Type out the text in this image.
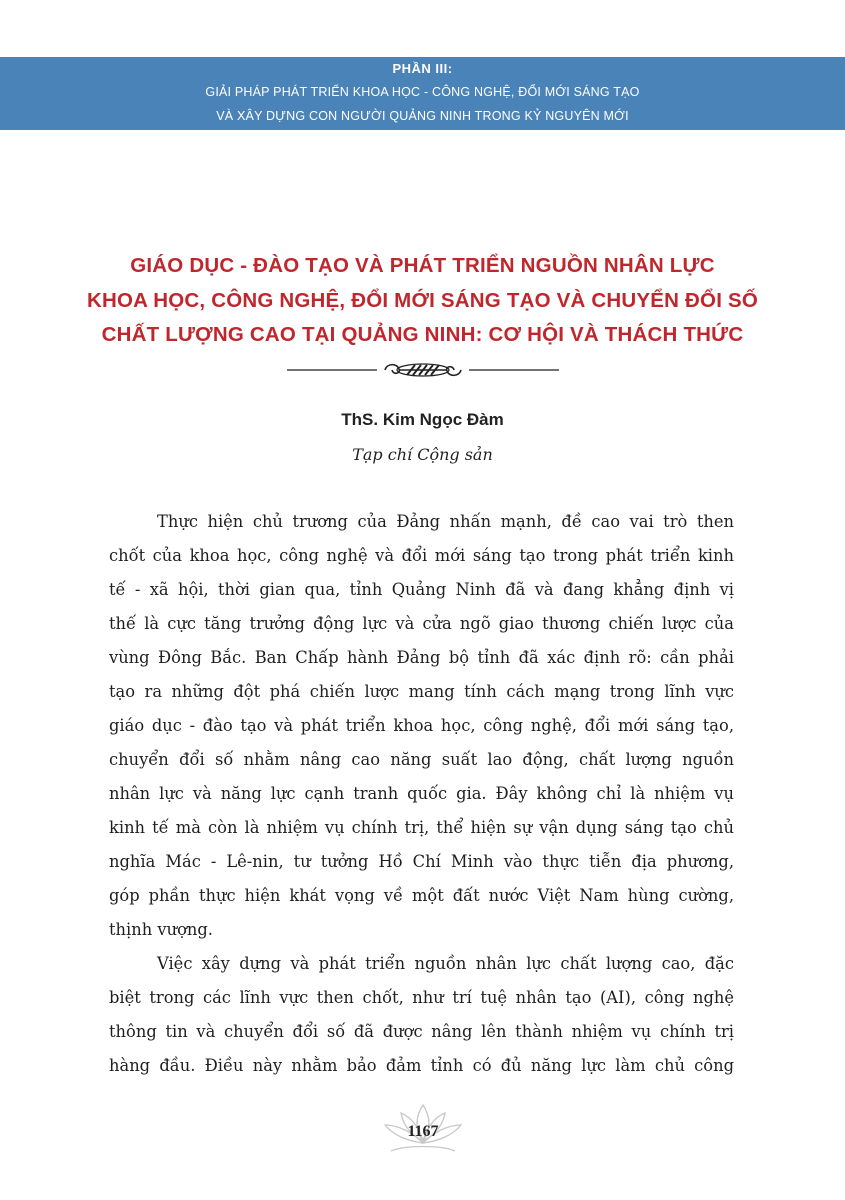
PHẦN III:
GIẢI PHÁP PHÁT TRIỂN KHOA HỌC - CÔNG NGHỆ, ĐỔI MỚI SÁNG TẠO
VÀ XÂY DỰNG CON NGƯỜI QUẢNG NINH TRONG KỶ NGUYÊN MỚI
GIÁO DỤC - ĐÀO TẠO VÀ PHÁT TRIỂN NGUỒN NHÂN LỰC
KHOA HỌC, CÔNG NGHỆ, ĐỔI MỚI SÁNG TẠO VÀ CHUYỂN ĐỔI SỐ
CHẤT LƯỢNG CAO TẠI QUẢNG NINH: CƠ HỘI VÀ THÁCH THỨC
ThS. Kim Ngọc Đàm
Tạp chí Cộng sản
Thực hiện chủ trương của Đảng nhấn mạnh, đề cao vai trò then
chốt của khoa học, công nghệ và đổi mới sáng tạo trong phát triển kinh
tế - xã hội, thời gian qua, tỉnh Quảng Ninh đã và đang khẳng định vị
thế là cực tăng trưởng động lực và cửa ngõ giao thương chiến lược của
vùng Đông Bắc. Ban Chấp hành Đảng bộ tỉnh đã xác định rõ: cần phải
tạo ra những đột phá chiến lược mang tính cách mạng trong lĩnh vực
giáo dục - đào tạo và phát triển khoa học, công nghệ, đổi mới sáng tạo,
chuyển đổi số nhằm nâng cao năng suất lao động, chất lượng nguồn
nhân lực và năng lực cạnh tranh quốc gia. Đây không chỉ là nhiệm vụ
kinh tế mà còn là nhiệm vụ chính trị, thể hiện sự vận dụng sáng tạo chủ
nghĩa Mác - Lê-nin, tư tưởng Hồ Chí Minh vào thực tiễn địa phương,
góp phần thực hiện khát vọng về một đất nước Việt Nam hùng cường,
thịnh vượng.
Việc xây dựng và phát triển nguồn nhân lực chất lượng cao, đặc
biệt trong các lĩnh vực then chốt, như trí tuệ nhân tạo (AI), công nghệ
thông tin và chuyển đổi số đã được nâng lên thành nhiệm vụ chính trị
hàng đầu. Điều này nhằm bảo đảm tỉnh có đủ năng lực làm chủ công
1167
